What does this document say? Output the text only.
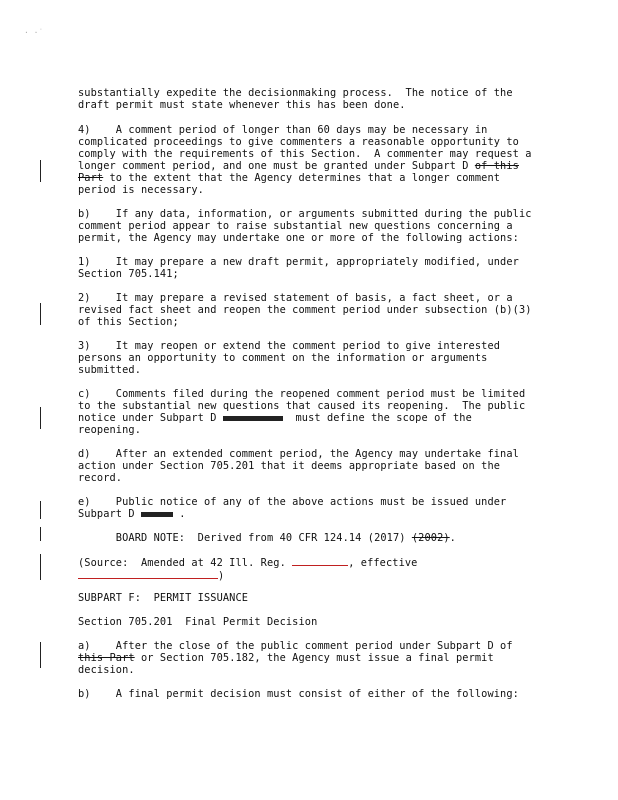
· ·˙
substantially expedite the decisionmaking process.  The notice of the
draft permit must state whenever this has been done.
4)    A comment period of longer than 60 days may be necessary in
complicated proceedings to give commenters a reasonable opportunity to
comply with the requirements of this Section.  A commenter may request a
longer comment period, and one must be granted under Subpart D of this
Part to the extent that the Agency determines that a longer comment
period is necessary.
b)    If any data, information, or arguments submitted during the public
comment period appear to raise substantial new questions concerning a
permit, the Agency may undertake one or more of the following actions:
1)    It may prepare a new draft permit, appropriately modified, under
Section 705.141;
2)    It may prepare a revised statement of basis, a fact sheet, or a
revised fact sheet and reopen the comment period under subsection (b)(3)
of this Section;
3)    It may reopen or extend the comment period to give interested
persons an opportunity to comment on the information or arguments
submitted.
c)    Comments filed during the reopened comment period must be limited
to the substantial new questions that caused its reopening.  The public
notice under Subpart D	must define the scope of the
reopening.
d)    After an extended comment period, the Agency may undertake final
action under Section 705.201 that it deems appropriate based on the
record.
e)    Public notice of any of the above actions must be issued under
Subpart D	.
BOARD NOTE:  Derived from 40 CFR 124.14 (2017) (2002).
(Source:  Amended at 42 Ill. Reg.	, effective
)
SUBPART F:  PERMIT ISSUANCE
Section 705.201  Final Permit Decision
a)    After the close of the public comment period under Subpart D of
this Part or Section 705.182, the Agency must issue a final permit
decision.
b)    A final permit decision must consist of either of the following:
